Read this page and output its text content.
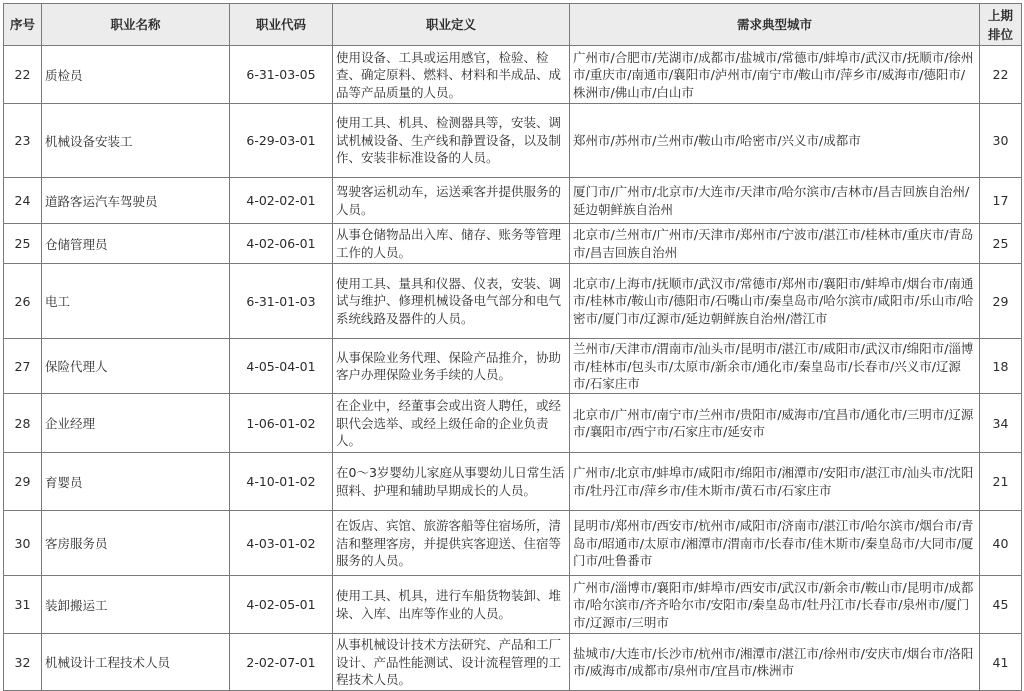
序号	职业名称	职业代码	职业定义	需求典型城市	上期
排位

22	质检员	6-31-03-05	使用设备、工具或运用感官，检验、检查、确定原料、燃料、材料和半成品、成品等产品质量的人员。	广州市/合肥市/芜湖市/成都市/盐城市/常德市/蚌埠市/武汉市/抚顺市/徐州市/重庆市/南通市/襄阳市/泸州市/南宁市/鞍山市/萍乡市/威海市/德阳市/株洲市/佛山市/白山市	22

23	机械设备安装工	6-29-03-01	使用工具、机具、检测器具等，安装、调试机械设备、生产线和静置设备，以及制作、安装非标准设备的人员。	郑州市/苏州市/兰州市/鞍山市/哈密市/兴义市/成都市	30

24	道路客运汽车驾驶员	4-02-02-01	驾驶客运机动车，运送乘客并提供服务的人员。	厦门市/广州市/北京市/大连市/天津市/哈尔滨市/吉林市/昌吉回族自治州/延边朝鲜族自治州	17

25	仓储管理员	4-02-06-01	从事仓储物品出入库、储存、账务等管理工作的人员。	北京市/兰州市/广州市/天津市/郑州市/宁波市/湛江市/桂林市/重庆市/青岛市/昌吉回族自治州	25

26	电工	6-31-01-03	使用工具、量具和仪器、仪表，安装、调试与维护、修理机械设备电气部分和电气系统线路及器件的人员。	北京市/上海市/抚顺市/武汉市/常德市/郑州市/襄阳市/蚌埠市/烟台市/南通市/桂林市/鞍山市/德阳市/石嘴山市/秦皇岛市/哈尔滨市/咸阳市/乐山市/哈密市/厦门市/辽源市/延边朝鲜族自治州/潜江市	29

27	保险代理人	4-05-04-01	从事保险业务代理、保险产品推介，协助客户办理保险业务手续的人员。	兰州市/天津市/渭南市/汕头市/昆明市/湛江市/咸阳市/武汉市/绵阳市/淄博市/桂林市/包头市/太原市/新余市/通化市/秦皇岛市/长春市/兴义市/辽源市/石家庄市	18

28	企业经理	1-06-01-02	在企业中，经董事会或出资人聘任，或经职代会选举、或经上级任命的企业负责人。	北京市/广州市/南宁市/兰州市/贵阳市/威海市/宜昌市/通化市/三明市/辽源市/襄阳市/西宁市/石家庄市/延安市	34

29	育婴员	4-10-01-02	在0～3岁婴幼儿家庭从事婴幼儿日常生活照料、护理和辅助早期成长的人员。	广州市/北京市/蚌埠市/咸阳市/绵阳市/湘潭市/安阳市/湛江市/汕头市/沈阳市/牡丹江市/萍乡市/佳木斯市/黄石市/石家庄市	21

30	客房服务员	4-03-01-02	在饭店、宾馆、旅游客船等住宿场所，清洁和整理客房，并提供宾客迎送、住宿等服务的人员。	昆明市/郑州市/西安市/杭州市/咸阳市/济南市/湛江市/哈尔滨市/烟台市/青岛市/昭通市/太原市/湘潭市/渭南市/长春市/佳木斯市/秦皇岛市/大同市/厦门市/吐鲁番市	40

31	装卸搬运工	4-02-05-01	使用工具、机具，进行车船货物装卸、堆垛、入库、出库等作业的人员。	广州市/淄博市/襄阳市/蚌埠市/西安市/武汉市/新余市/鞍山市/昆明市/成都市/哈尔滨市/齐齐哈尔市/安阳市/秦皇岛市/牡丹江市/长春市/泉州市/厦门市/辽源市/三明市	45

32	机械设计工程技术人员	2-02-07-01	从事机械设计技术方法研究、产品和工厂设计、产品性能测试、设计流程管理的工程技术人员。	盐城市/大连市/长沙市/杭州市/湘潭市/湛江市/徐州市/安庆市/烟台市/洛阳市/威海市/成都市/泉州市/宜昌市/株洲市	41
